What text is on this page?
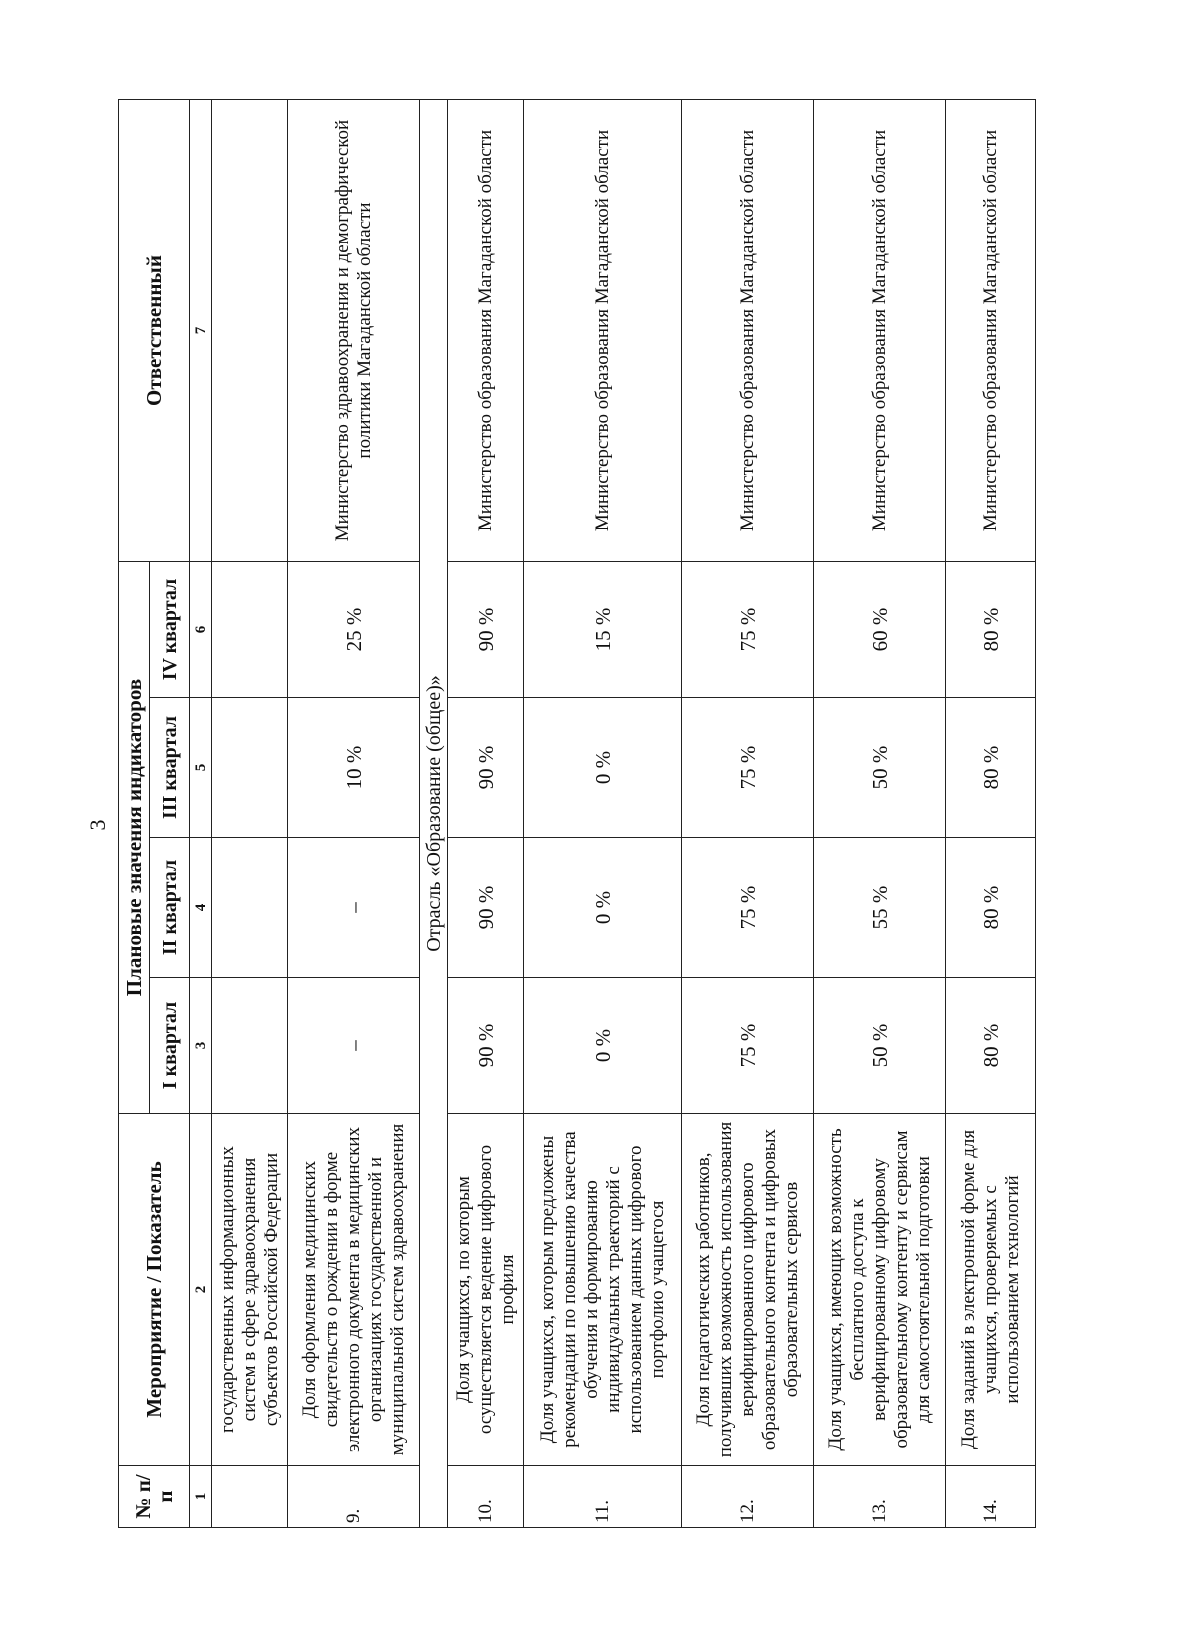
3
№ п/п	Мероприятие / Показатель	Плановые значения индикаторов				Ответственный
		I квартал	II квартал	III квартал	IV квартал	
1	2	3	4	5	6	7
	государственных информационных систем в сфере здравоохранения субъектов Российской Федерации					
9.	Доля оформления медицинских свидетельств о рождении в форме электронного документа в медицинских организациях государственной и муниципальной систем здравоохранения	–	–	10 %	25 %	Министерство здравоохранения и демографической политики Магаданской области
Отрасль «Образование (общее)»						
10.	Доля учащихся, по которым осуществляется ведение цифрового профиля	90 %	90 %	90 %	90 %	Министерство образования Магаданской области
11.	Доля учащихся, которым предложены рекомендации по повышению качества обучения и формированию индивидуальных траекторий с использованием данных цифрового портфолио учащегося	0 %	0 %	0 %	15 %	Министерство образования Магаданской области
12.	Доля педагогических работников, получивших возможность использования верифицированного цифрового образовательного контента и цифровых образовательных сервисов	75 %	75 %	75 %	75 %	Министерство образования Магаданской области
13.	Доля учащихся, имеющих возможность бесплатного доступа к верифицированному цифровому образовательному контенту и сервисам для самостоятельной подготовки	50 %	55 %	50 %	60 %	Министерство образования Магаданской области
14.	Доля заданий в электронной форме для учащихся, проверяемых с использованием технологий	80 %	80 %	80 %	80 %	Министерство образования Магаданской области
